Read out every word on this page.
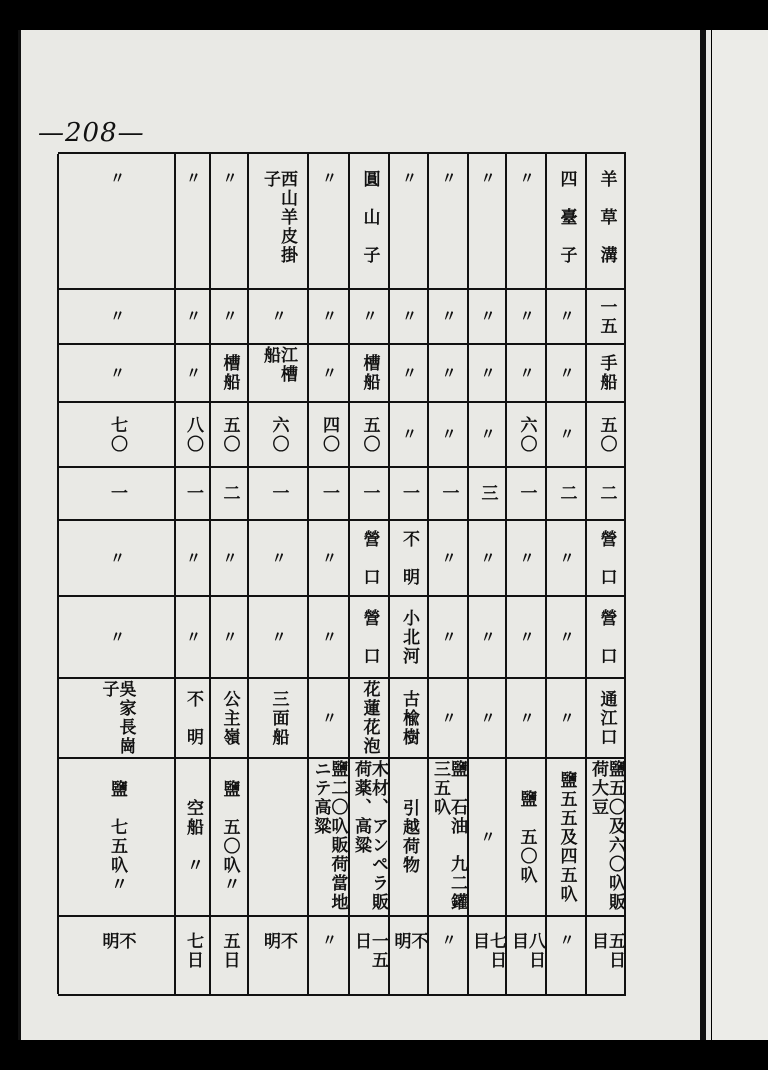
—208—
羊　草　溝
一五
手船
五〇
二
營　口
營　口
通江口
鹽五〇及六〇叺販荷大豆
五日目
四　臺　子
〃
〃
〃
二
〃
〃
〃
鹽五五及四五叺
〃
〃
〃
〃
六〇
一
〃
〃
〃
鹽　五〇叺
八日目
〃
〃
〃
〃
三
〃
〃
〃
〃
七日目
〃
〃
〃
〃
一
〃
〃
〃
鹽　石油　九二鑵　三五叺
〃
〃
〃
〃
〃
一
不　明
小北河
古楡樹
引越荷物
不　明
圓　山　子
〃
槽船
五〇
一
營　口
營　口
花蓮花泡
木材、アンペラ販荷薬、高粱
一五日
〃
〃
〃
四〇
一
〃
〃
〃
鹽二〇叺販荷當地ニテ高粱
〃
西山羊皮掛子
〃
江槽船
六〇
一
〃
〃
三面船
不　明
〃
〃
槽船
五〇
二
〃
〃
公主嶺
鹽　五〇叺〃
五日
〃
〃
〃
八〇
一
〃
〃
不　明
空船　〃
七日
〃
〃
〃
七〇
一
〃
〃
吳家長崗子
鹽　七五叺〃
不　明
